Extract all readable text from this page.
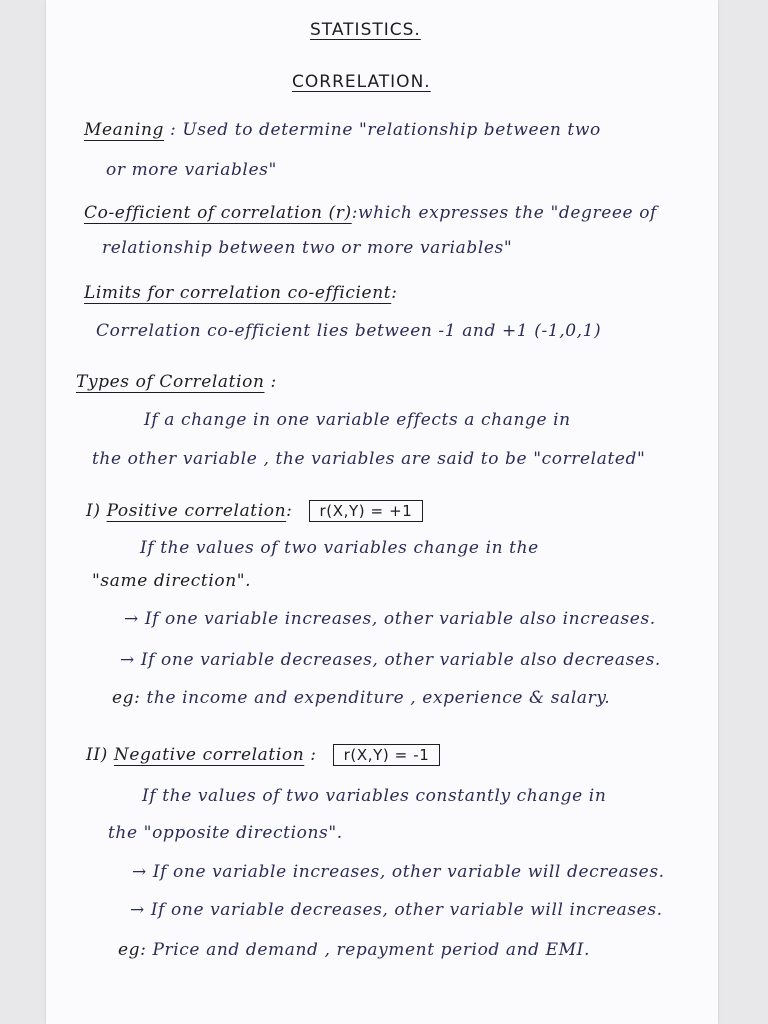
STATISTICS.
CORRELATION.
Meaning : Used to determine "relationship between two
or more variables"
Co-efficient of correlation (r):which expresses the "degreee of
relationship between two or more variables"
Limits for correlation co-efficient:
Correlation co-efficient lies between -1 and +1 (-1,0,1)
Types of Correlation :
If a change in one variable effects a change in
the other variable , the variables are said to be "correlated"
I) Positive correlation: r(X,Y) = +1
If the values of two variables change in the
"same direction".
→ If one variable increases, other variable also increases.
→ If one variable decreases, other variable also decreases.
eg: the income and expenditure , experience & salary.
II) Negative correlation : r(X,Y) = -1
If the values of two variables constantly change in
the "opposite directions".
→ If one variable increases, other variable will decreases.
→ If one variable decreases, other variable will increases.
eg: Price and demand , repayment period and EMI.
